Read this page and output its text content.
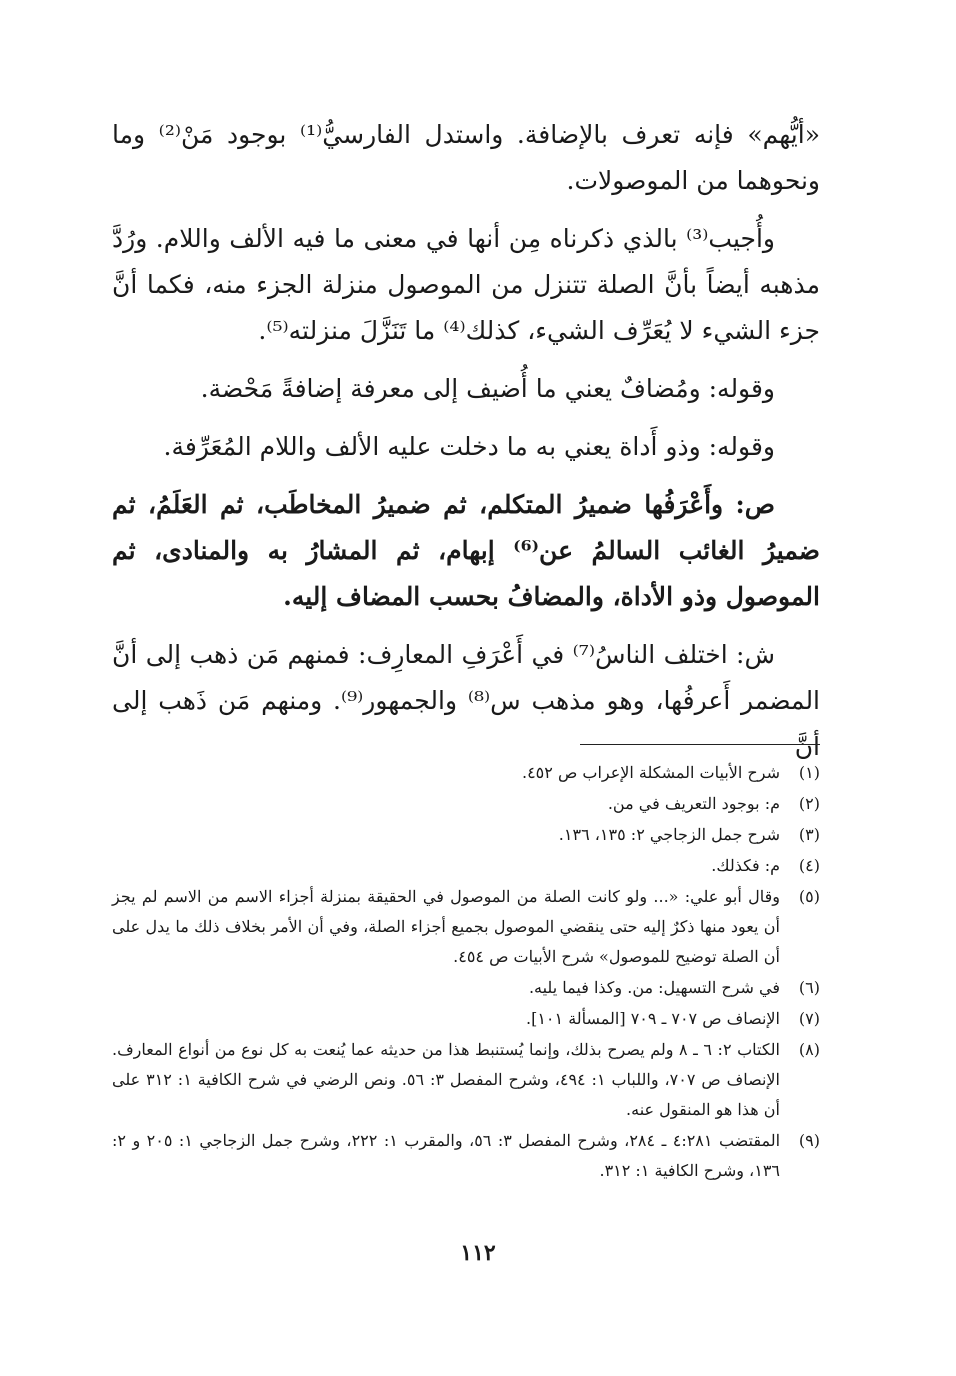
«أيُّهم» فإنه تعرف بالإضافة. واستدل الفارسيُّ⁽¹⁾ بوجود مَنْ⁽²⁾ وما ونحوهما من الموصولات.

وأُجيب⁽³⁾ بالذي ذكرناه مِن أنها في معنى ما فيه الألف واللام. ورُدَّ مذهبه أيضاً بأنَّ الصلة تتنزل من الموصول منزلة الجزء منه، فكما أنَّ جزء الشيء لا يُعَرِّف الشيء، كذلك⁽⁴⁾ ما تَنَزَّلَ منزلته⁽⁵⁾.

وقوله: ومُضافٌ يعني ما أُضيف إلى معرفة إضافةً مَحْضة.

وقوله: وذو أَداة يعني به ما دخلت عليه الألف واللام المُعَرِّفة.

ص: وأَعْرَفُها ضميرُ المتكلم، ثم ضميرُ المخاطَب، ثم العَلَمُ، ثم ضميرُ الغائب السالمُ عن⁽⁶⁾ إبهام، ثم المشارُ به والمنادى، ثم الموصول وذو الأداة، والمضافُ بحسب المضاف إليه.

ش: اختلف الناسُ⁽⁷⁾ في أَعْرَفِ المعارِف: فمنهم مَن ذهب إلى أنَّ المضمر أَعرفُها، وهو مذهب س⁽⁸⁾ والجمهور⁽⁹⁾. ومنهم مَن ذَهب إلى أنَّ

(١)
شرح الأبيات المشكلة الإعراب ص ٤٥٢.
(٢)
م: بوجود التعريف في من.
(٣)
شرح جمل الزجاجي ٢: ١٣٥، ١٣٦.
(٤)
م: فكذلك.
(٥)
وقال أبو علي: «... ولو كانت الصلة من الموصول في الحقيقة بمنزلة أجزاء الاسم من الاسم لم يجز أن يعود منها ذكرٌ إليه حتى ينقضي الموصول بجميع أجزاء الصلة، وفي أن الأمر بخلاف ذلك ما يدل على أن الصلة توضيح للموصول» شرح الأبيات ص ٤٥٤.
(٦)
في شرح التسهيل: من. وكذا فيما يليه.
(٧)
الإنصاف ص ٧٠٧ ـ ٧٠٩ [المسألة ١٠١].
(٨)
الكتاب ٢: ٦ ـ ٨ ولم يصرح بذلك، وإنما يُستنبط هذا من حديثه عما يُنعت به كل نوع من أنواع المعارف. الإنصاف ص ٧٠٧، واللباب ١: ٤٩٤، وشرح المفصل ٣: ٥٦. ونص الرضي في شرح الكافية ١: ٣١٢ على أن هذا هو المنقول عنه.
(٩)
المقتضب ٤:٢٨١ ـ ٢٨٤، وشرح المفصل ٣: ٥٦، والمقرب ١: ٢٢٢، وشرح جمل الزجاجي ١: ٢٠٥ و ٢: ١٣٦، وشرح الكافية ١: ٣١٢.
١١٢
